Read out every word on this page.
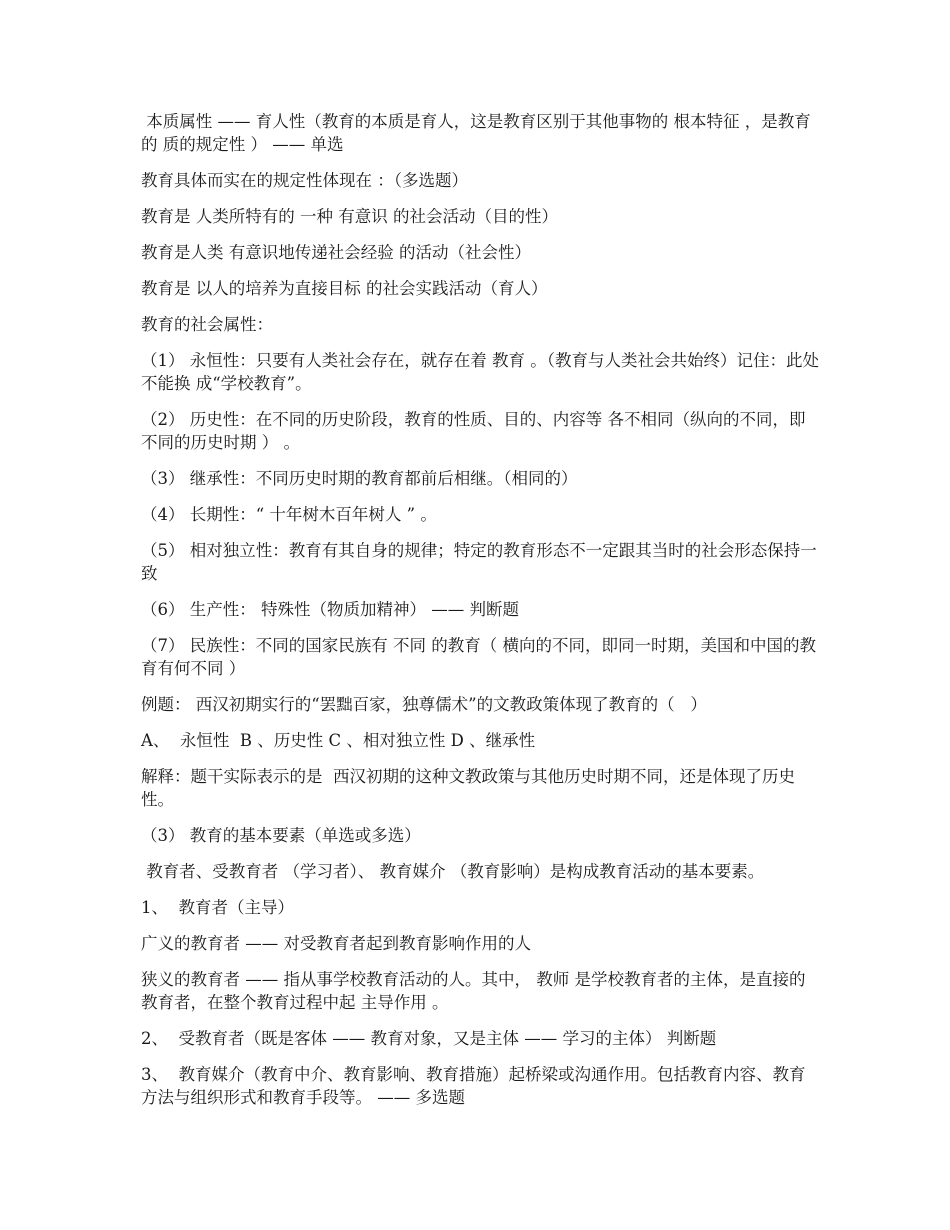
本质属性 —— 育人性（教育的本质是育人，这是教育区别于其他事物的 根本特征 ，是教育的 质的规定性 ） —— 单选

教育具体而实在的规定性体现在 ：（多选题）

教育是 人类所特有的 一种 有意识 的社会活动（目的性）

教育是人类 有意识地传递社会经验 的活动（社会性）

教育是 以人的培养为直接目标 的社会实践活动（育人）

教育的社会属性：

（1） 永恒性：只要有人类社会存在，就存在着 教育 。（教育与人类社会共始终）记住：此处不能换 成“学校教育”。

（2） 历史性：在不同的历史阶段，教育的性质、目的、内容等 各不相同（纵向的不同，即不同的历史时期 ） 。

（3） 继承性：不同历史时期的教育都前后相继。（相同的）

（4） 长期性：“ 十年树木百年树人 ” 。

（5） 相对独立性：教育有其自身的规律；特定的教育形态不一定跟其当时的社会形态保持一致

（6） 生产性： 特殊性（物质加精神） —— 判断题

（7） 民族性：不同的国家民族有 不同 的教育（ 横向的不同，即同一时期，美国和中国的教育有何不同 ）

例题： 西汉初期实行的“罢黜百家，独尊儒术”的文教政策体现了教育的（   ）

A、  永恒性  B 、历史性 C 、相对独立性 D 、继承性

解释：题干实际表示的是  西汉初期的这种文教政策与其他历史时期不同，还是体现了历史性。

（3） 教育的基本要素（单选或多选）

教育者、受教育者 （学习者）、 教育媒介 （教育影响）是构成教育活动的基本要素。

1、  教育者（主导）

广义的教育者 —— 对受教育者起到教育影响作用的人

狭义的教育者 —— 指从事学校教育活动的人。其中， 教师 是学校教育者的主体，是直接的教育者，在整个教育过程中起 主导作用 。

2、  受教育者（既是客体 —— 教育对象，又是主体 —— 学习的主体） 判断题

3、  教育媒介（教育中介、教育影响、教育措施）起桥梁或沟通作用。包括教育内容、教育方法与组织形式和教育手段等。 —— 多选题
